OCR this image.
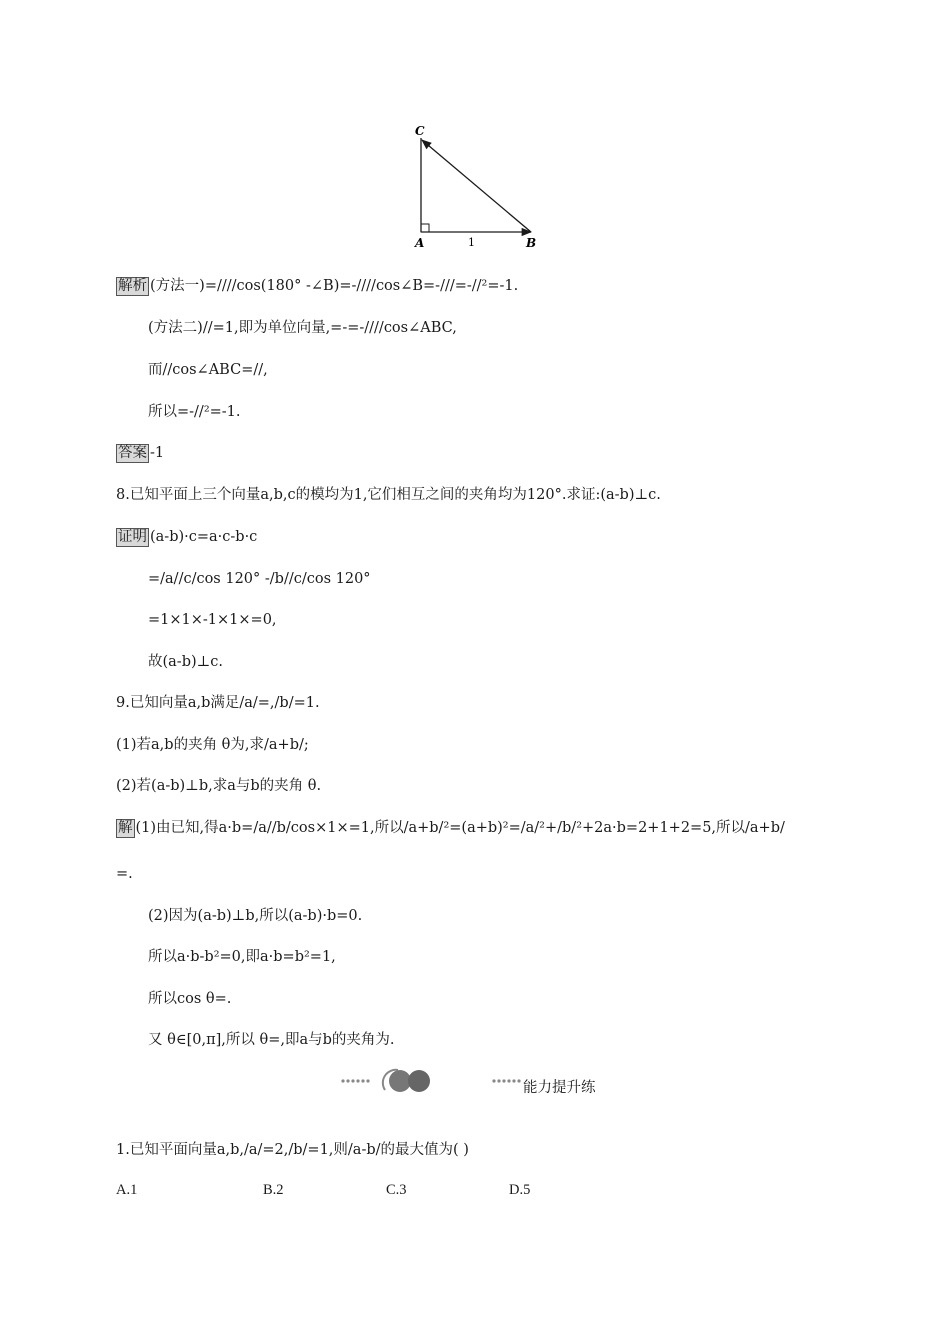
C
A	B
1
解析 (方法一)=////cos(180° -∠B)=-////cos∠B=-///=-//²=-1.
(方法二)//=1,即为单位向量,=-=-////cos∠ABC,
而//cos∠ABC=//,
所以=-//²=-1.
答案 -1
8.已知平面上三个向量a,b,c的模均为1,它们相互之间的夹角均为120°.求证:(a-b)⊥c.
证明 (a-b)·c=a·c-b·c
=/a//c/cos 120° -/b//c/cos 120°
=1×1×-1×1×=0,
故(a-b)⊥c.
9.已知向量a,b满足/a/=,/b/=1.
(1)若a,b的夹角 θ为,求/a+b/;
(2)若(a-b)⊥b,求a与b的夹角 θ.
解 (1)由已知,得a·b=/a//b/cos×1×=1,所以/a+b/²=(a+b)²=/a/²+/b/²+2a·b=2+1+2=5,所以/a+b/
=.
(2)因为(a-b)⊥b,所以(a-b)·b=0.
所以a·b-b²=0,即a·b=b²=1,
所以cos θ=.
又 θ∈[0,π],所以 θ=,即a与b的夹角为.
能力提升练
1.已知平面向量a,b,/a/=2,/b/=1,则/a-b/的最大值为( )
A.1	B.2	C.3	D.5
